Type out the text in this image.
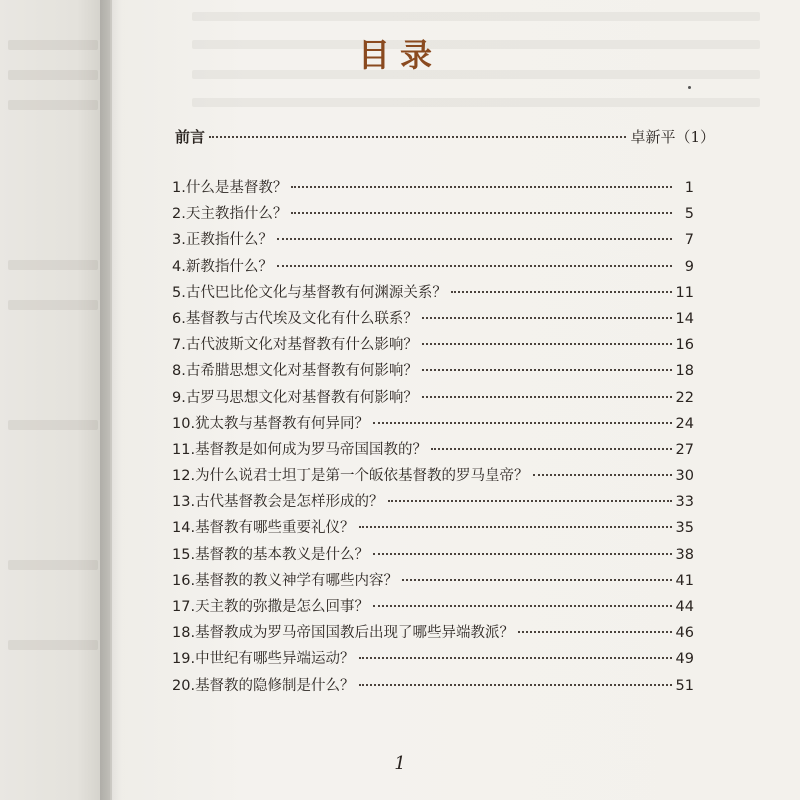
目录
前言	卓新平（1）
1. 什么是基督教？	1
2. 天主教指什么？	5
3. 正教指什么？	7
4. 新教指什么？	9
5. 古代巴比伦文化与基督教有何渊源关系？	11
6. 基督教与古代埃及文化有什么联系？	14
7. 古代波斯文化对基督教有什么影响？	16
8. 古希腊思想文化对基督教有何影响？	18
9. 古罗马思想文化对基督教有何影响？	22
10. 犹太教与基督教有何异同？	24
11. 基督教是如何成为罗马帝国国教的？	27
12. 为什么说君士坦丁是第一个皈依基督教的罗马皇帝？	30
13. 古代基督教会是怎样形成的？	33
14. 基督教有哪些重要礼仪？	35
15. 基督教的基本教义是什么？	38
16. 基督教的教义神学有哪些内容？	41
17. 天主教的弥撒是怎么回事？	44
18. 基督教成为罗马帝国国教后出现了哪些异端教派？	46
19. 中世纪有哪些异端运动？	49
20. 基督教的隐修制是什么？	51
1
